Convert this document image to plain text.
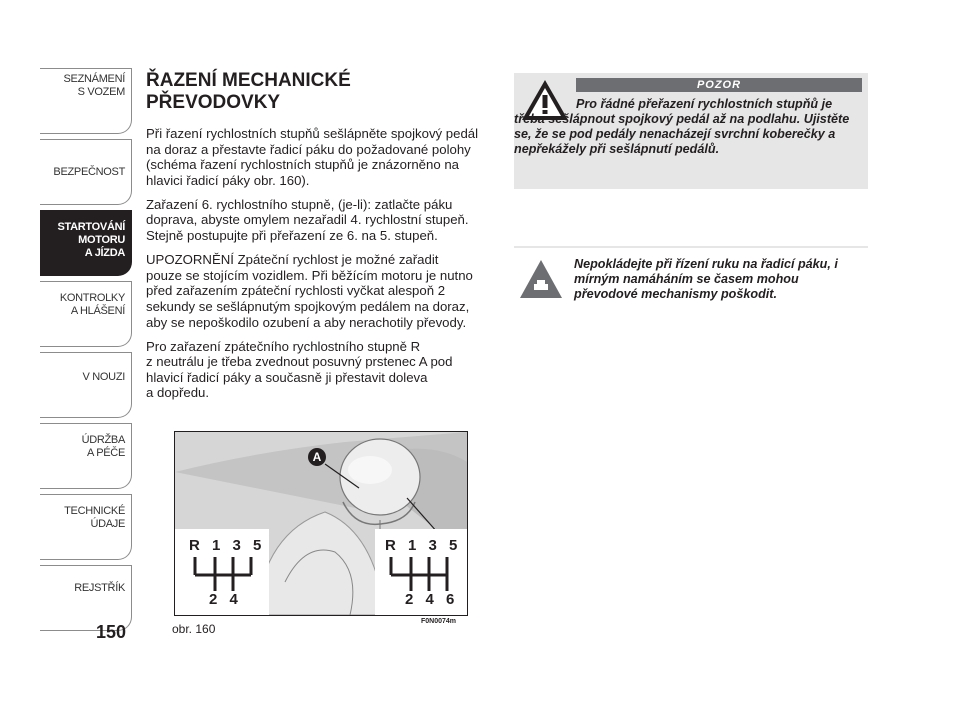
SEZNÁMENÍ
S VOZEM
BEZPEČNOST
STARTOVÁNÍ
MOTORU
A JÍZDA
KONTROLKY
A HLÁŠENÍ
V NOUZI
ÚDRŽBA
A PÉČE
TECHNICKÉ
ÚDAJE
REJSTŘÍK
150
ŘAZENÍ MECHANICKÉ PŘEVODOVKY

Při řazení rychlostních stupňů sešlápněte spojkový pedál
na doraz a přestavte řadicí páku do požadované polohy
(schéma řazení rychlostních stupňů je znázorněno na
hlavici řadicí páky obr. 160).

Zařazení 6. rychlostního stupně, (je-li): zatlačte páku
doprava, abyste omylem nezařadil 4. rychlostní stupeň.
Stejně postupujte při přeřazení ze 6. na 5. stupeň.

UPOZORNĚNÍ Zpáteční rychlost je možné zařadit
pouze se stojícím vozidlem. Při běžícím motoru je nutno
před zařazením zpáteční rychlosti vyčkat alespoň 2
sekundy se sešlápnutým spojkovým pedálem na doraz,
aby se nepoškodilo ozubení a aby nerachotily převody.

Pro zařazení zpátečního rychlostního stupně R
z neutrálu je třeba zvednout posuvný prstenec A pod
hlavicí řadicí páky a současně ji přestavit doleva
a dopředu.

A
R 1 3 5
2 4
R 1 3 5
2 4 6
obr. 160
F0N0074m
POZOR
Pro řádné přeřazení rychlostních stupňů je třeba sešlápnout spojkový pedál až na podlahu. Ujistěte se, že se pod pedály nenacházejí svrchní koberečky a nepřekážely při sešlápnutí pedálů.
Nepokládejte při řízení ruku na řadicí páku, i mírným namáháním se časem mohou převodové mechanismy poškodit.
